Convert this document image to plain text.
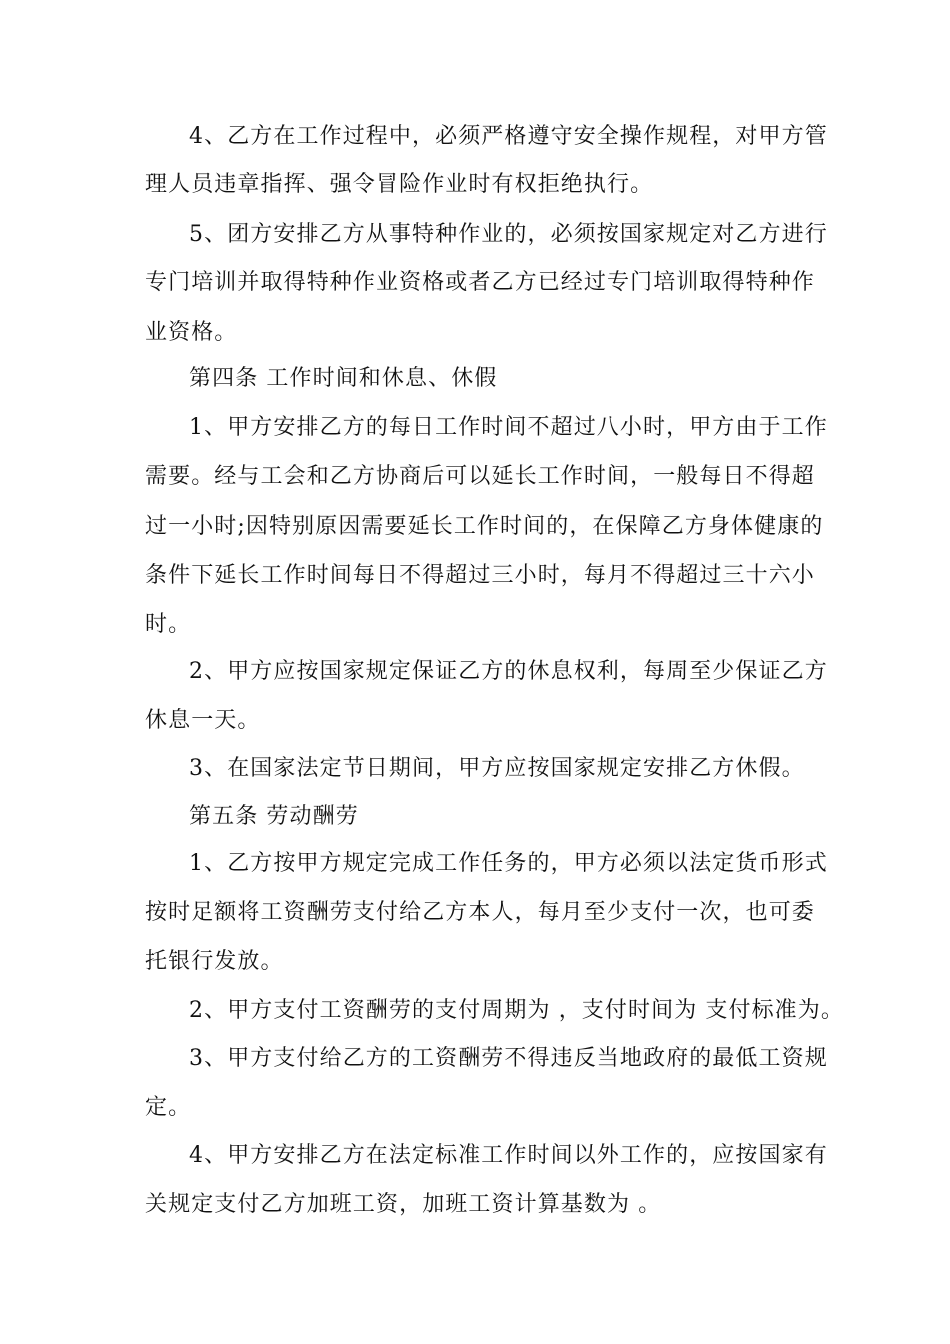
4、乙方在工作过程中，必须严格遵守安全操作规程，对甲方管
理人员违章指挥、强令冒险作业时有权拒绝执行。
5、团方安排乙方从事特种作业的，必须按国家规定对乙方进行
专门培训并取得特种作业资格或者乙方已经过专门培训取得特种作
业资格。
第四条 工作时间和休息、休假
1、甲方安排乙方的每日工作时间不超过八小时，甲方由于工作
需要。经与工会和乙方协商后可以延长工作时间，一般每日不得超
过一小时;因特别原因需要延长工作时间的，在保障乙方身体健康的
条件下延长工作时间每日不得超过三小时，每月不得超过三十六小
时。
2、甲方应按国家规定保证乙方的休息权利，每周至少保证乙方
休息一天。
3、在国家法定节日期间，甲方应按国家规定安排乙方休假。
第五条 劳动酬劳
1、乙方按甲方规定完成工作任务的，甲方必须以法定货币形式
按时足额将工资酬劳支付给乙方本人，每月至少支付一次，也可委
托银行发放。
2、甲方支付工资酬劳的支付周期为 ，支付时间为 支付标准为。
3、甲方支付给乙方的工资酬劳不得违反当地政府的最低工资规
定。
4、甲方安排乙方在法定标准工作时间以外工作的，应按国家有
关规定支付乙方加班工资，加班工资计算基数为 。
